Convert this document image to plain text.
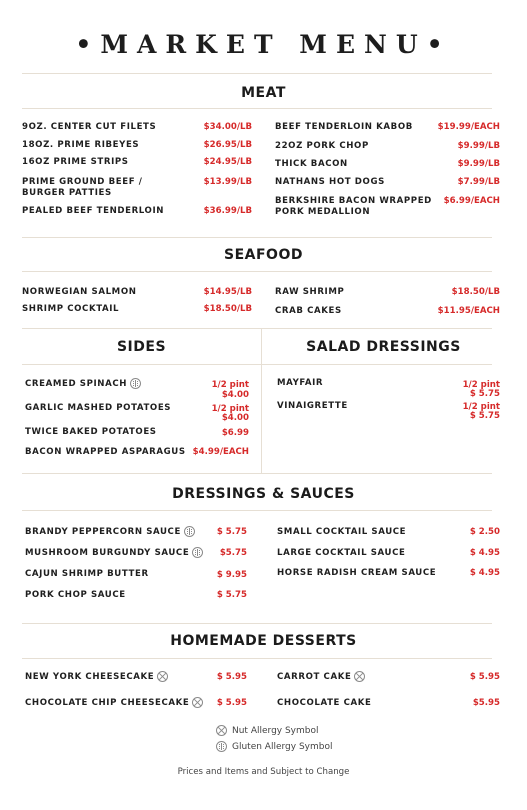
•MARKET MENU•
MEAT
9OZ. CENTER CUT FILETS	$34.00/LB
18OZ. PRIME RIBEYES	$26.95/LB
16OZ PRIME STRIPS	$24.95/LB
PRIME GROUND BEEF /
BURGER PATTIES
$13.99/LB
PEALED BEEF TENDERLOIN	$36.99/LB
BEEF TENDERLOIN KABOB	$19.99/EACH
22OZ PORK CHOP	$9.99/LB
THICK BACON	$9.99/LB
NATHANS HOT DOGS	$7.99/LB
BERKSHIRE BACON WRAPPED
PORK MEDALLION
$6.99/EACH
SEAFOOD
NORWEGIAN SALMON	$14.95/LB
SHRIMP COCKTAIL	$18.50/LB
RAW SHRIMP	$18.50/LB
CRAB CAKES	$11.95/EACH
SIDES	SALAD DRESSINGS
CREAMED SPINACH	1/2 pint
$4.00
GARLIC MASHED POTATOES	1/2 pint
$4.00
TWICE BAKED POTATOES	$6.99
BACON WRAPPED ASPARAGUS $4.99/EACH
MAYFAIR	1/2 pint
$ 5.75
VINAIGRETTE	1/2 pint
$ 5.75
DRESSINGS & SAUCES
BRANDY PEPPERCORN SAUCE	$ 5.75
MUSHROOM BURGUNDY SAUCE	$5.75
CAJUN SHRIMP BUTTER	$ 9.95
PORK CHOP SAUCE	$ 5.75
SMALL COCKTAIL SAUCE	$ 2.50
LARGE COCKTAIL SAUCE	$ 4.95
HORSE RADISH CREAM SAUCE	$ 4.95
HOMEMADE DESSERTS
NEW YORK CHEESECAKE	$ 5.95
CHOCOLATE CHIP CHEESECAKE	$ 5.95
CARROT CAKE	$ 5.95
CHOCOLATE CAKE	$5.95
Nut Allergy Symbol
Gluten Allergy Symbol
Prices and Items and Subject to Change
